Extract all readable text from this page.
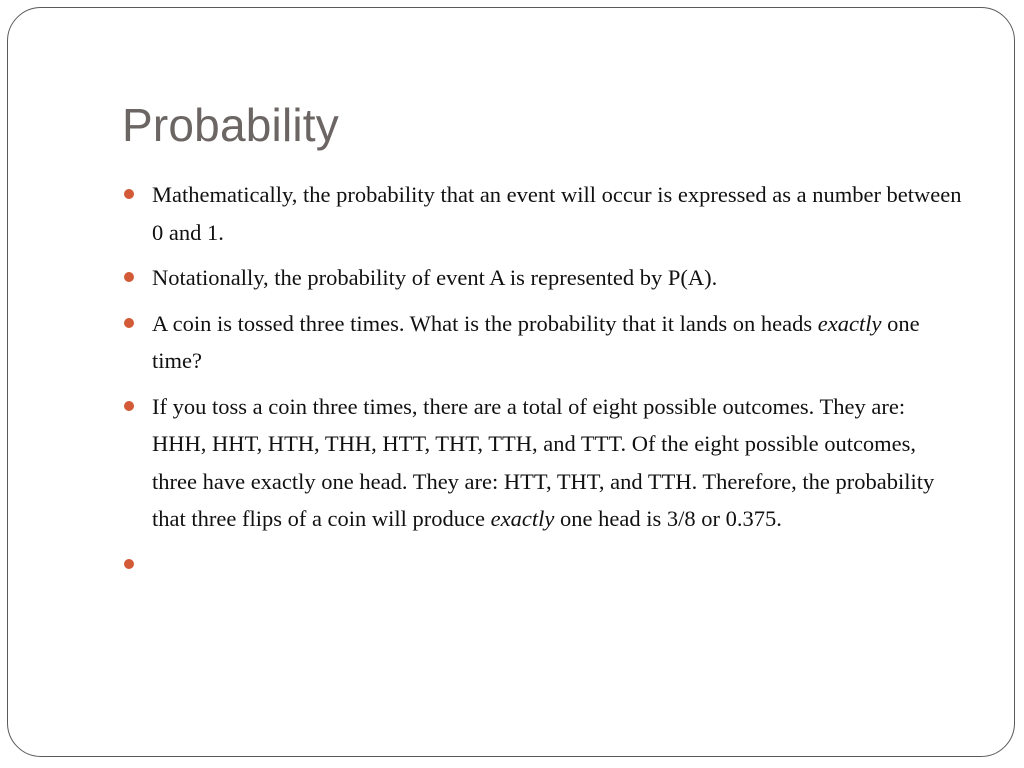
Probability
Mathematically, the probability that an event will occur is expressed as a number between 0 and 1.
Notationally, the probability of event A is represented by P(A).
A coin is tossed three times. What is the probability that it lands on heads exactly one time?
If you toss a coin three times, there are a total of eight possible outcomes. They are: HHH, HHT, HTH, THH, HTT, THT, TTH, and TTT. Of the eight possible outcomes, three have exactly one head. They are: HTT, THT, and TTH. Therefore, the probability that three flips of a coin will produce exactly one head is 3/8 or 0.375.
